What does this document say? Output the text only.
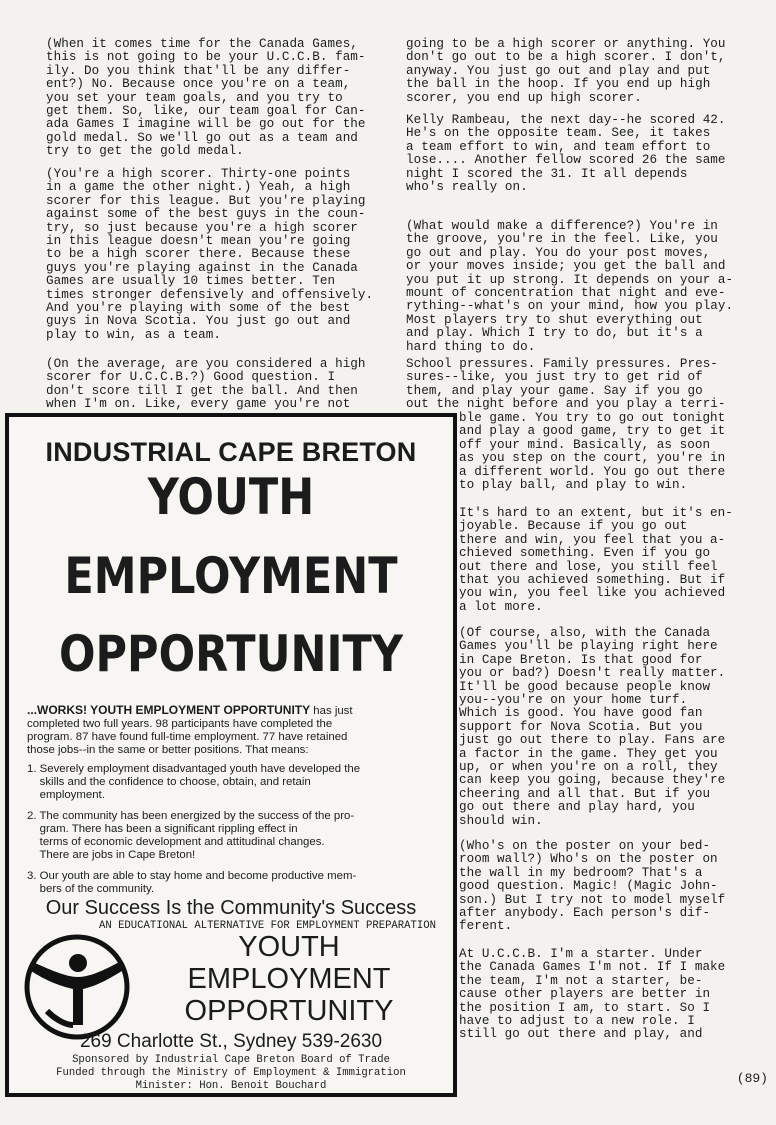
(When it comes time for the Canada Games,
this is not going to be your U.C.C.B. fam-
ily. Do you think that'll be any differ-
ent?) No. Because once you're on a team,
you set your team goals, and you try to
get them. So, like, our team goal for Can-
ada Games I imagine will be go out for the
gold medal. So we'll go out as a team and
try to get the gold medal.

(You're a high scorer. Thirty-one points
in a game the other night.) Yeah, a high
scorer for this league. But you're playing
against some of the best guys in the coun-
try, so just because you're a high scorer
in this league doesn't mean you're going
to be a high scorer there. Because these
guys you're playing against in the Canada
Games are usually 10 times better. Ten
times stronger defensively and offensively.
And you're playing with some of the best
guys in Nova Scotia. You just go out and
play to win, as a team.

(On the average, are you considered a high
scorer for U.C.C.B.?) Good question. I
don't score till I get the ball. And then
when I'm on. Like, every game you're not

going to be a high scorer or anything. You
don't go out to be a high scorer. I don't,
anyway. You just go out and play and put
the ball in the hoop. If you end up high
scorer, you end up high scorer.

Kelly Rambeau, the next day--he scored 42.
He's on the opposite team. See, it takes
a team effort to win, and team effort to
lose.... Another fellow scored 26 the same
night I scored the 31. It all depends
who's really on.

(What would make a difference?) You're in
the groove, you're in the feel. Like, you
go out and play. You do your post moves,
or your moves inside; you get the ball and
you put it up strong. It depends on your a-
mount of concentration that night and eve-
rything--what's on your mind, how you play.
Most players try to shut everything out
and play. Which I try to do, but it's a
hard thing to do.

School pressures. Family pressures. Pres-
sures--like, you just try to get rid of
them, and play your game. Say if you go
out the night before and you play a terri-

ble game. You try to go out tonight
and play a good game, try to get it
off your mind. Basically, as soon
as you step on the court, you're in
a different world. You go out there
to play ball, and play to win.

It's hard to an extent, but it's en-
joyable. Because if you go out
there and win, you feel that you a-
chieved something. Even if you go
out there and lose, you still feel
that you achieved something. But if
you win, you feel like you achieved
a lot more.

(Of course, also, with the Canada
Games you'll be playing right here
in Cape Breton. Is that good for
you or bad?) Doesn't really matter.
It'll be good because people know
you--you're on your home turf.
Which is good. You have good fan
support for Nova Scotia. But you
just go out there to play. Fans are
a factor in the game. They get you
up, or when you're on a roll, they
can keep you going, because they're
cheering and all that. But if you
go out there and play hard, you
should win.

(Who's on the poster on your bed-
room wall?) Who's on the poster on
the wall in my bedroom? That's a
good question. Magic! (Magic John-
son.) But I try not to model myself
after anybody. Each person's dif-
ferent.

At U.C.C.B. I'm a starter. Under
the Canada Games I'm not. If I make
the team, I'm not a starter, be-
cause other players are better in
the position I am, to start. So I
have to adjust to a new role. I
still go out there and play, and

INDUSTRIAL CAPE BRETON
YOUTH
EMPLOYMENT
OPPORTUNITY
...WORKS! YOUTH EMPLOYMENT OPPORTUNITY has just
completed two full years. 98 participants have completed the
program. 87 have found full-time employment. 77 have retained
those jobs--in the same or better positions. That means:
1. Severely employment disadvantaged youth have developed the
skills and the confidence to choose, obtain, and retain
employment.
2. The community has been energized by the success of the pro-
gram. There has been a significant rippling effect in
terms of economic development and attitudinal changes.
There are jobs in Cape Breton!
3. Our youth are able to stay home and become productive mem-
bers of the community.
Our Success Is the Community's Success
AN EDUCATIONAL ALTERNATIVE FOR EMPLOYMENT PREPARATION
YOUTH
EMPLOYMENT
OPPORTUNITY
269 Charlotte St., Sydney 539-2630
Sponsored by Industrial Cape Breton Board of Trade
Funded through the Ministry of Employment & Immigration
Minister: Hon. Benoit Bouchard	(89)
